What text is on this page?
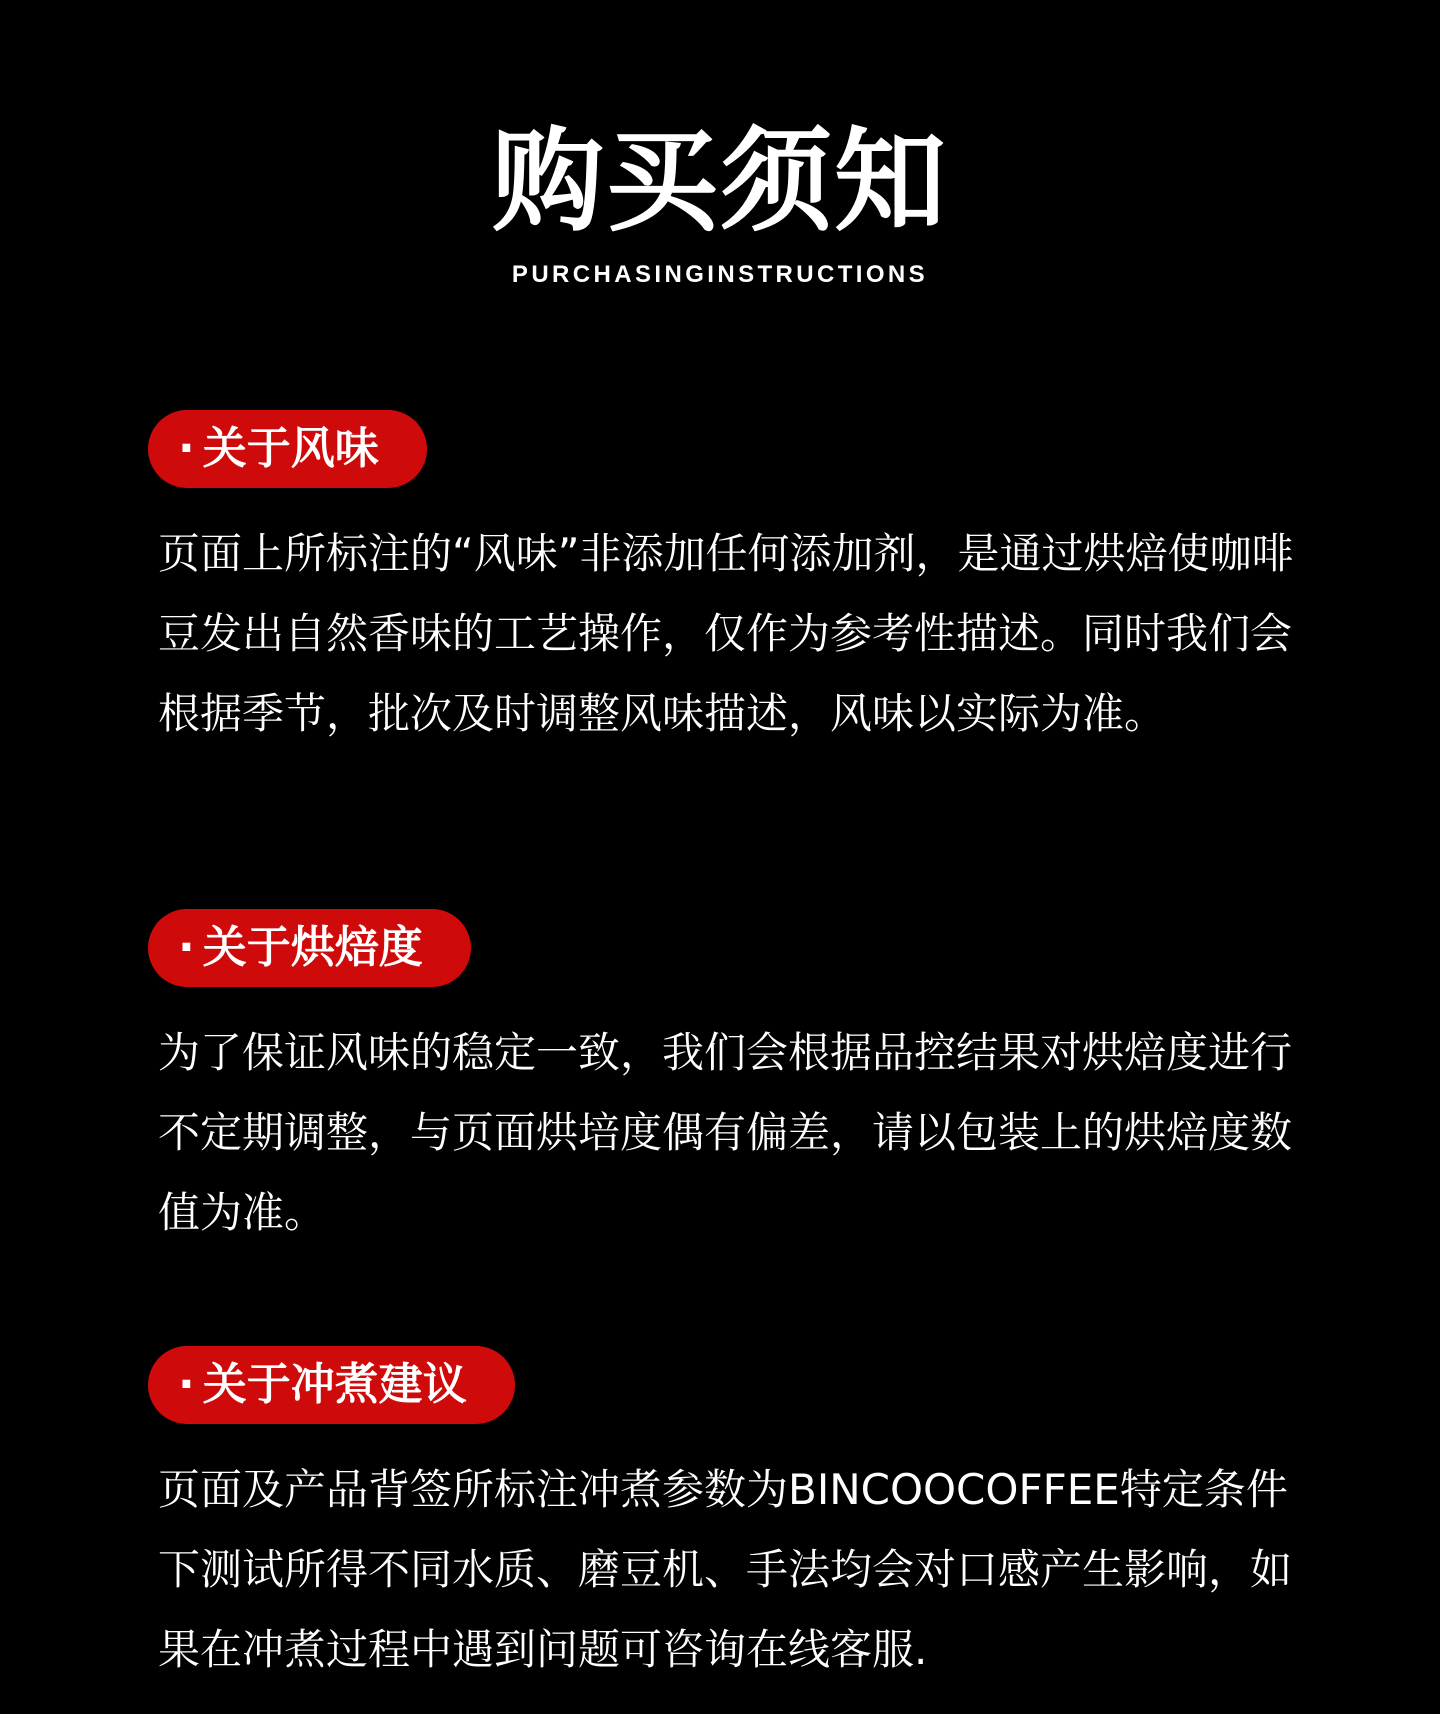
购买须知
PURCHASINGINSTRUCTIONS
· 关于风味
页面上所标注的“风味”非添加任何添加剂，是通过烘焙使咖啡豆发出自然香味的工艺操作，仅作为参考性描述。同时我们会根据季节，批次及时调整风味描述，风味以实际为准。
· 关于烘焙度
为了保证风味的稳定一致，我们会根据品控结果对烘焙度进行不定期调整，与页面烘培度偶有偏差，请以包装上的烘焙度数值为准。
· 关于冲煮建议
页面及产品背签所标注冲煮参数为BINCOOCOFFEE特定条件下测试所得不同水质、磨豆机、手法均会对口感产生影响，如果在冲煮过程中遇到问题可咨询在线客服.
